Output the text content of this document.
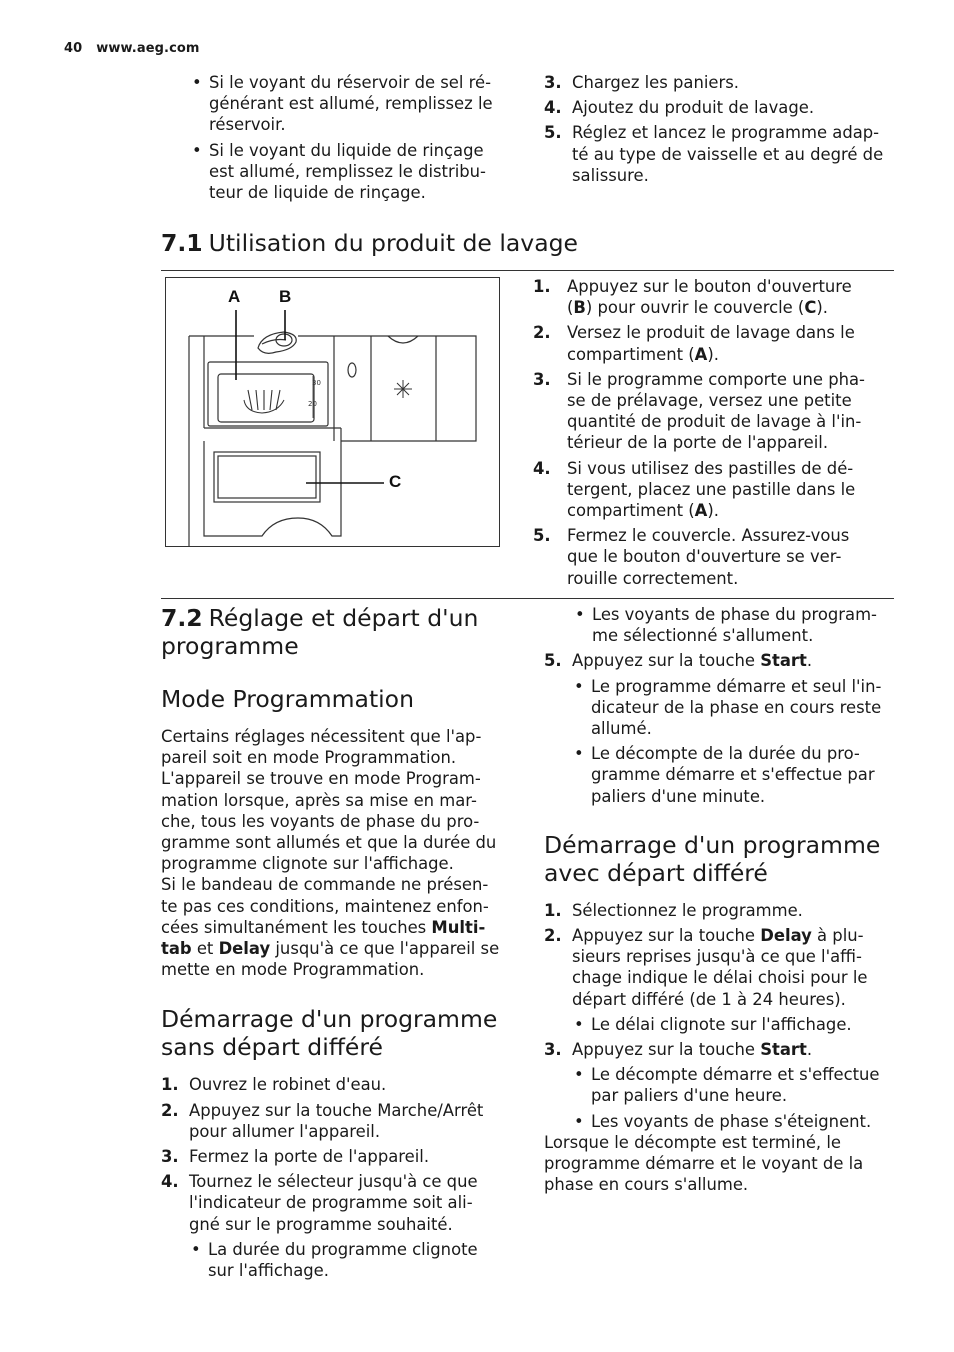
40 www.aeg.com
• Si le voyant du réservoir de sel ré-
générant est allumé, remplissez le
réservoir.
• Si le voyant du liquide de rinçage
est allumé, remplissez le distribu-
teur de liquide de rinçage.
3. Chargez les paniers.
4. Ajoutez du produit de lavage.
5. Réglez et lancez le programme adap-
té au type de vaisselle et au degré de
salissure.
7.1 Utilisation du produit de lavage
30
20
A B
C
1. Appuyez sur le bouton d'ouverture
(B) pour ouvrir le couvercle (C).
2. Versez le produit de lavage dans le
compartiment (A).
3. Si le programme comporte une pha-
se de prélavage, versez une petite
quantité de produit de lavage à l'in-
térieur de la porte de l'appareil.
4. Si vous utilisez des pastilles de dé-
tergent, placez une pastille dans le
compartiment (A).
5. Fermez le couvercle. Assurez-vous
que le bouton d'ouverture se ver-
rouille correctement.
7.2 Réglage et départ d'un
programme
Mode Programmation

Certains réglages nécessitent que l'ap-
pareil soit en mode Programmation.
L'appareil se trouve en mode Program-
mation lorsque, après sa mise en mar-
che, tous les voyants de phase du pro-
gramme sont allumés et que la durée du
programme clignote sur l'affichage.

Si le bandeau de commande ne présen-
te pas ces conditions, maintenez enfon-
cées simultanément les touches Multi-
tab et Delay jusqu'à ce que l'appareil se
mette en mode Programmation.

Démarrage d'un programme
sans départ différé
1. Ouvrez le robinet d'eau.
2. Appuyez sur la touche Marche/Arrêt
pour allumer l'appareil.
3. Fermez la porte de l'appareil.
4. Tournez le sélecteur jusqu'à ce que
l'indicateur de programme soit ali-
gné sur le programme souhaité.
• La durée du programme clignote
sur l'affichage.
• Les voyants de phase du program-
me sélectionné s'allument.
5. Appuyez sur la touche Start.
• Le programme démarre et seul l'in-
dicateur de la phase en cours reste
allumé.
• Le décompte de la durée du pro-
gramme démarre et s'effectue par
paliers d'une minute.
Démarrage d'un programme
avec départ différé
1. Sélectionnez le programme.
2. Appuyez sur la touche Delay à plu-
sieurs reprises jusqu'à ce que l'affi-
chage indique le délai choisi pour le
départ différé (de 1 à 24 heures).
• Le délai clignote sur l'affichage.
3. Appuyez sur la touche Start.
• Le décompte démarre et s'effectue
par paliers d'une heure.
• Les voyants de phase s'éteignent.

Lorsque le décompte est terminé, le
programme démarre et le voyant de la
phase en cours s'allume.
